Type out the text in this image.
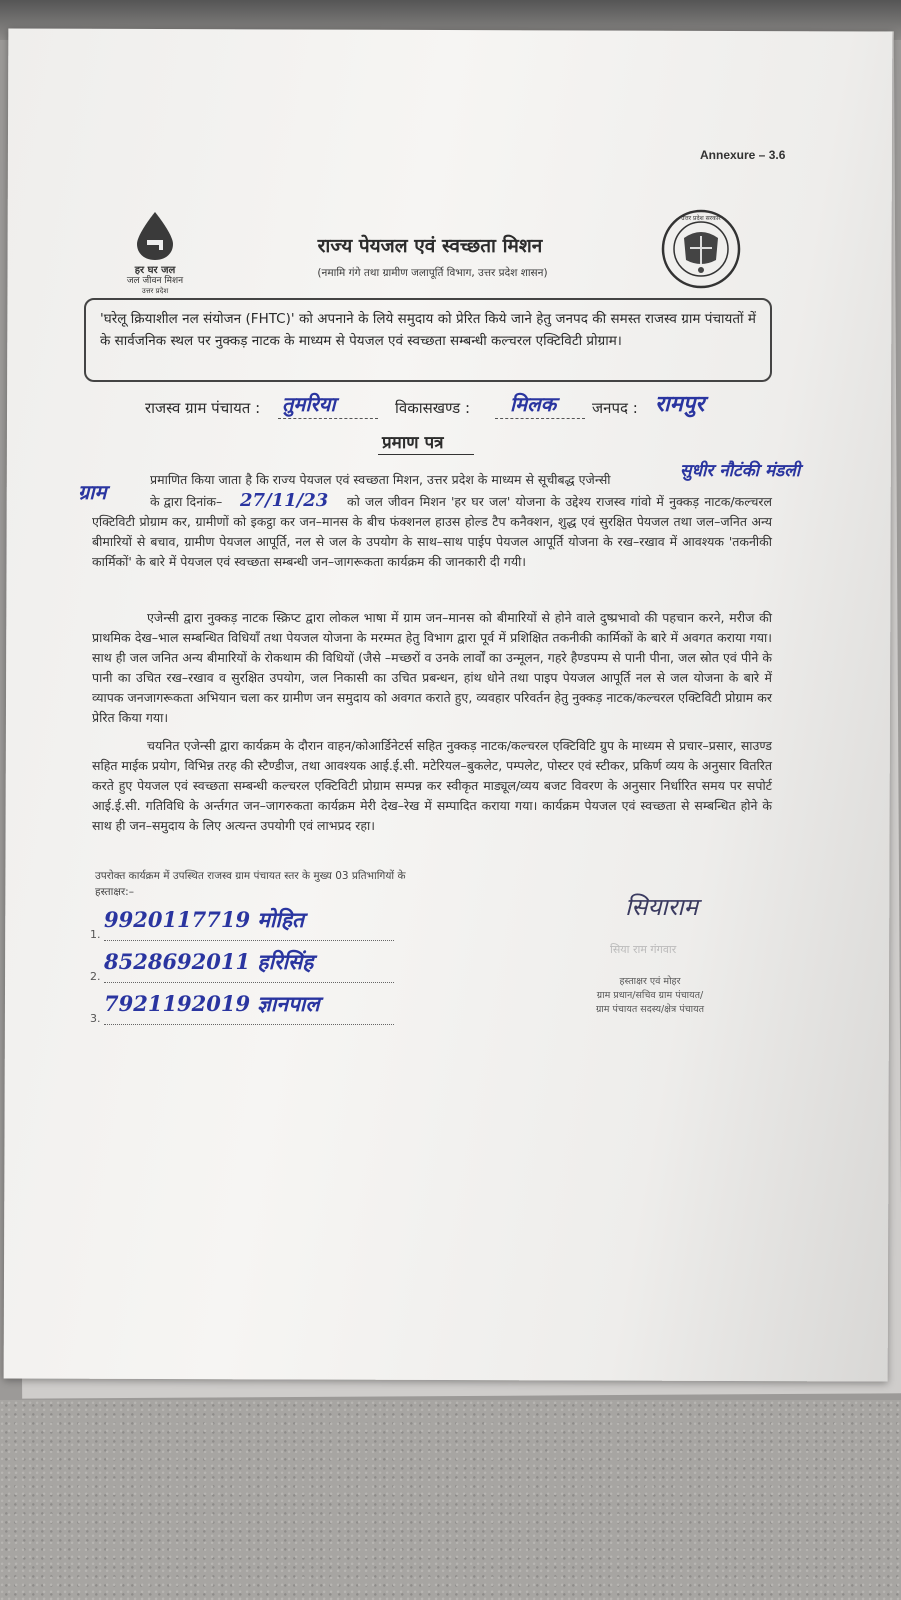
Annexure – 3.6
हर घर जल
जल जीवन मिशन
उत्तर प्रदेश
राज्य पेयजल एवं स्वच्छता मिशन
(नमामि गंगे तथा ग्रामीण जलापूर्ति विभाग, उत्तर प्रदेश शासन)
उत्तर प्रदेश सरकार
'घरेलू क्रियाशील नल संयोजन (FHTC)' को अपनाने के लिये समुदाय को प्रेरित किये जाने हेतु जनपद की समस्त राजस्व ग्राम पंचायतों में के सार्वजनिक स्थल पर नुक्कड़ नाटक के माध्यम से पेयजल एवं स्वच्छता सम्बन्धी कल्चरल एक्टिविटी प्रोग्राम।
राजस्व ग्राम पंचायत : तुमरिया	विकासखण्ड : मिलक जनपद : रामपुर
प्रमाण पत्र
सुधीर नौटंकी मंडली
ग्राम	27/11/23
प्रमाणित किया जाता है कि राज्य पेयजल एवं स्वच्छता मिशन, उत्तर प्रदेश के माध्यम से सूचीबद्ध एजेन्सी
के द्वारा दिनांक–	को जल जीवन मिशन 'हर घर जल' योजना के उद्देश्य राजस्व गांवो में नुक्कड़ नाटक/कल्चरल एक्टिविटी प्रोग्राम कर, ग्रामीणों को इकट्ठा कर जन–मानस के बीच फंक्शनल हाउस होल्ड टैप कनैक्शन, शुद्ध एवं सुरक्षित पेयजल तथा जल–जनित अन्य बीमारियों से बचाव, ग्रामीण पेयजल आपूर्ति, नल से जल के उपयोग के साथ–साथ पाईप पेयजल आपूर्ति योजना के रख–रखाव में आवश्यक 'तकनीकी कार्मिकों' के बारे में पेयजल एवं स्वच्छता सम्बन्धी जन–जागरूकता कार्यक्रम की जानकारी दी गयी।
एजेन्सी द्वारा नुक्कड़ नाटक स्क्रिप्ट द्वारा लोकल भाषा में ग्राम जन–मानस को बीमारियों से होने वाले दुष्प्रभावो की पहचान करने, मरीज की प्राथमिक देख–भाल सम्बन्धित विधियाँ तथा पेयजल योजना के मरम्मत हेतु विभाग द्वारा पूर्व में प्रशिक्षित तकनीकी कार्मिकों के बारे में अवगत कराया गया। साथ ही जल जनित अन्य बीमारियों के रोकथाम की विधियों (जैसे –मच्छरों व उनके लार्वों का उन्मूलन, गहरे हैण्डपम्प से पानी पीना, जल स्रोत एवं पीने के पानी का उचित रख–रखाव व सुरक्षित उपयोग, जल निकासी का उचित प्रबन्धन, हांथ धोने तथा पाइप पेयजल आपूर्ति नल से जल योजना के बारे में व्यापक जनजागरूकता अभियान चला कर ग्रामीण जन समुदाय को अवगत कराते हुए, व्यवहार परिवर्तन हेतु नुक्कड़ नाटक/कल्चरल एक्टिविटी प्रोग्राम कर प्रेरित किया गया।
चयनित एजेन्सी द्वारा कार्यक्रम के दौरान वाहन/कोआर्डिनेटर्स सहित नुक्कड़ नाटक/कल्चरल एक्टिविटि ग्रुप के माध्यम से प्रचार–प्रसार, साउण्ड सहित माईक प्रयोग, विभिन्न तरह की स्टैण्डीज, तथा आवश्यक आई.ई.सी. मटेरियल–बुकलेट, पम्पलेट, पोस्टर एवं स्टीकर, प्रकिर्ण व्यय के अनुसार वितरित करते हुए पेयजल एवं स्वच्छता सम्बन्धी कल्चरल एक्टिविटी प्रोग्राम सम्पन्न कर स्वीकृत माड्यूल/व्यय बजट विवरण के अनुसार निर्धारित समय पर सपोर्ट आई.ई.सी. गतिविधि के अर्न्तगत जन–जागरुकता कार्यक्रम मेरी देख–रेख में सम्पादित कराया गया। कार्यक्रम पेयजल एवं स्वच्छता से सम्बन्धित होने के साथ ही जन–समुदाय के लिए अत्यन्त उपयोगी एवं लाभप्रद रहा।
उपरोक्त कार्यक्रम में उपस्थित राजस्व ग्राम पंचायत स्तर के मुख्य 03 प्रतिभागियों के
हस्ताक्षर:–
1.
9920117719 मोहित
2.
8528692011 हरिसिंह
3.
7921192019 ज्ञानपाल
सियाराम
सिया राम गंगवार
हस्ताक्षर एवं मोहर
ग्राम प्रधान/सचिव ग्राम पंचायत/
ग्राम पंचायत सदस्य/क्षेत्र पंचायत
